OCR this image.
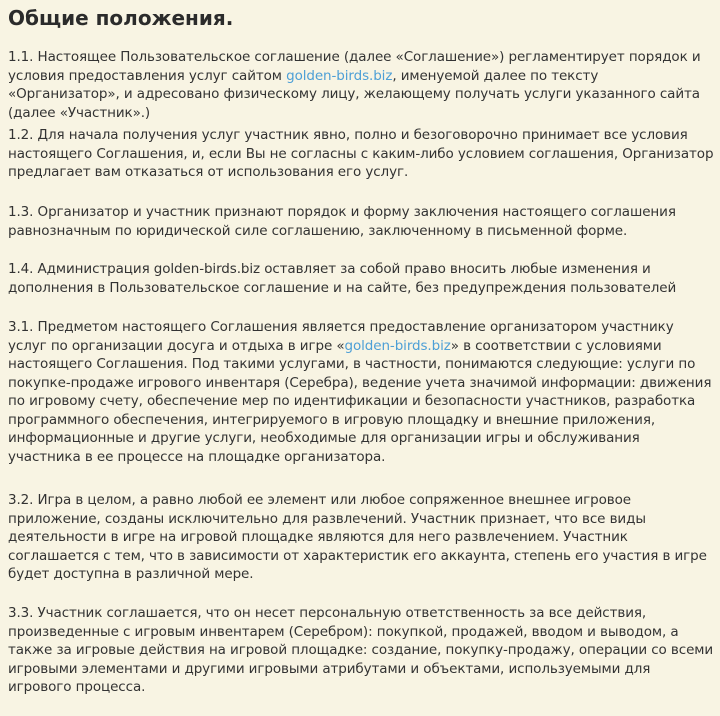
Общие положения.

1.1. Настоящее Пользовательское соглашение (далее «Соглашение») регламентирует порядок и условия предоставления услуг сайтом golden-birds.biz, именуемой далее по тексту «Организатор», и адресовано физическому лицу, желающему получать услуги указанного сайта (далее «Участник».)

1.2. Для начала получения услуг участник явно, полно и безоговорочно принимает все условия настоящего Соглашения, и, если Вы не согласны с каким-либо условием соглашения, Организатор предлагает вам отказаться от использования его услуг.

1.3. Организатор и участник признают порядок и форму заключения настоящего соглашения равнозначным по юридической силе соглашению, заключенному в письменной форме.

1.4. Администрация golden-birds.biz оставляет за собой право вносить любые изменения и дополнения в Пользовательское соглашение и на сайте, без предупреждения пользователей

3.1. Предметом настоящего Соглашения является предоставление организатором участнику услуг по организации досуга и отдыха в игре «golden-birds.biz» в соответствии с условиями настоящего Соглашения. Под такими услугами, в частности, понимаются следующие: услуги по покупке-продаже игрового инвентаря (Серебра), ведение учета значимой информации: движения по игровому счету, обеспечение мер по идентификации и безопасности участников, разработка программного обеспечения, интегрируемого в игровую площадку и внешние приложения, информационные и другие услуги, необходимые для организации игры и обслуживания участника в ее процессе на площадке организатора.

3.2. Игра в целом, а равно любой ее элемент или любое сопряженное внешнее игровое приложение, созданы исключительно для развлечений. Участник признает, что все виды деятельности в игре на игровой площадке являются для него развлечением. Участник соглашается с тем, что в зависимости от характеристик его аккаунта, степень его участия в игре будет доступна в различной мере.

3.3. Участник соглашается, что он несет персональную ответственность за все действия, произведенные с игровым инвентарем (Серебром): покупкой, продажей, вводом и выводом, а также за игровые действия на игровой площадке: создание, покупку-продажу, операции со всеми игровыми элементами и другими игровыми атрибутами и объектами, используемыми для игрового процесса.
